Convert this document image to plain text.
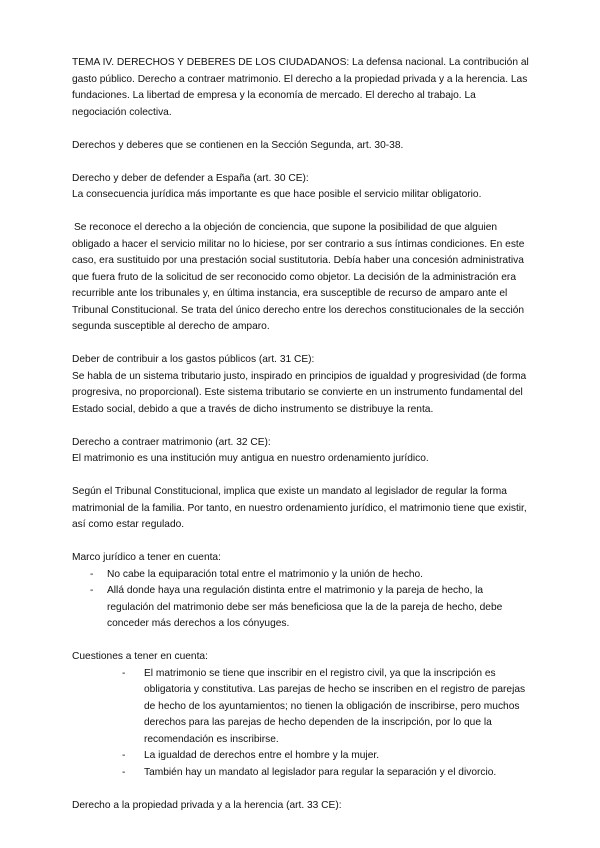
TEMA IV. DERECHOS Y DEBERES DE LOS CIUDADANOS: La defensa nacional. La contribución al gasto público. Derecho a contraer matrimonio. El derecho a la propiedad privada y a la herencia. Las fundaciones. La libertad de empresa y la economía de mercado. El derecho al trabajo. La negociación colectiva.

Derechos y deberes que se contienen en la Sección Segunda, art. 30-38.

Derecho y deber de defender a España (art. 30 CE):

La consecuencia jurídica más importante es que hace posible el servicio militar obligatorio.

Se reconoce el derecho a la objeción de conciencia, que supone la posibilidad de que alguien obligado a hacer el servicio militar no lo hiciese, por ser contrario a sus íntimas condiciones. En este caso, era sustituido por una prestación social sustitutoria. Debía haber una concesión administrativa que fuera fruto de la solicitud de ser reconocido como objetor. La decisión de la administración era recurrible ante los tribunales y, en última instancia, era susceptible de recurso de amparo ante el Tribunal Constitucional. Se trata del único derecho entre los derechos constitucionales de la sección segunda susceptible al derecho de amparo.

Deber de contribuir a los gastos públicos (art. 31 CE):

Se habla de un sistema tributario justo, inspirado en principios de igualdad y progresividad (de forma progresiva, no proporcional). Este sistema tributario se convierte en un instrumento fundamental del Estado social, debido a que a través de dicho instrumento se distribuye la renta.

Derecho a contraer matrimonio (art. 32 CE):

El matrimonio es una institución muy antigua en nuestro ordenamiento jurídico.

Según el Tribunal Constitucional, implica que existe un mandato al legislador de regular la forma matrimonial de la familia. Por tanto, en nuestro ordenamiento jurídico, el matrimonio tiene que existir, así como estar regulado.

Marco jurídico a tener en cuenta:

- No cabe la equiparación total entre el matrimonio y la unión de hecho.
- Allá donde haya una regulación distinta entre el matrimonio y la pareja de hecho, la regulación del matrimonio debe ser más beneficiosa que la de la pareja de hecho, debe conceder más derechos a los cónyuges.

Cuestiones a tener en cuenta:

- El matrimonio se tiene que inscribir en el registro civil, ya que la inscripción es obligatoria y constitutiva. Las parejas de hecho se inscriben en el registro de parejas de hecho de los ayuntamientos; no tienen la obligación de inscribirse, pero muchos derechos para las parejas de hecho dependen de la inscripción, por lo que la recomendación es inscribirse.
- La igualdad de derechos entre el hombre y la mujer.
- También hay un mandato al legislador para regular la separación y el divorcio.

Derecho a la propiedad privada y a la herencia (art. 33 CE):
